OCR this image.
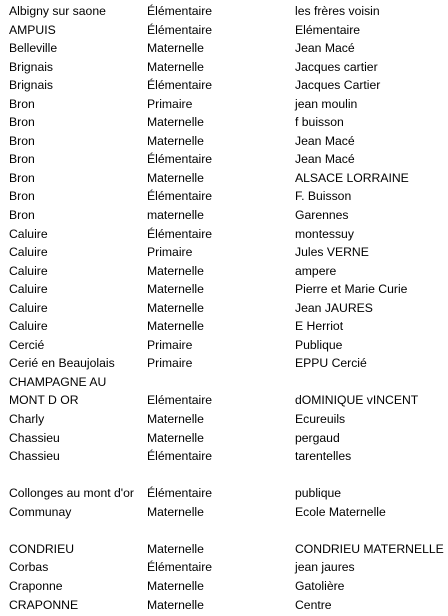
Albigny sur saone	Élémentaire	les frères voisin
AMPUIS	Élémentaire	Elémentaire
Belleville	Maternelle	Jean Macé
Brignais	Maternelle	Jacques cartier
Brignais	Élémentaire	Jacques Cartier
Bron	Primaire	jean moulin
Bron	Maternelle	f buisson
Bron	Maternelle	Jean Macé
Bron	Élémentaire	Jean Macé
Bron	Maternelle	ALSACE LORRAINE
Bron	Élémentaire	F. Buisson
Bron	maternelle	Garennes
Caluire	Élémentaire	montessuy
Caluire	Primaire	Jules VERNE
Caluire	Maternelle	ampere
Caluire	Maternelle	Pierre et Marie Curie
Caluire	Maternelle	Jean JAURES
Caluire	Maternelle	E Herriot
Cercié	Primaire	Publique
Cerié en Beaujolais	Primaire	EPPU Cercié
CHAMPAGNE AU MONT D OR	Elémentaire	dOMINIQUE vINCENT
Charly	Maternelle	Ecureuils
Chassieu	Maternelle	pergaud
Chassieu	Élémentaire	tarentelles
Collonges au mont d'or	Élémentaire	publique
Communay	Maternelle	Ecole Maternelle
CONDRIEU	Maternelle	CONDRIEU MATERNELLE
Corbas	Élémentaire	jean jaures
Craponne	Maternelle	Gatolière
CRAPONNE	Maternelle	Centre
